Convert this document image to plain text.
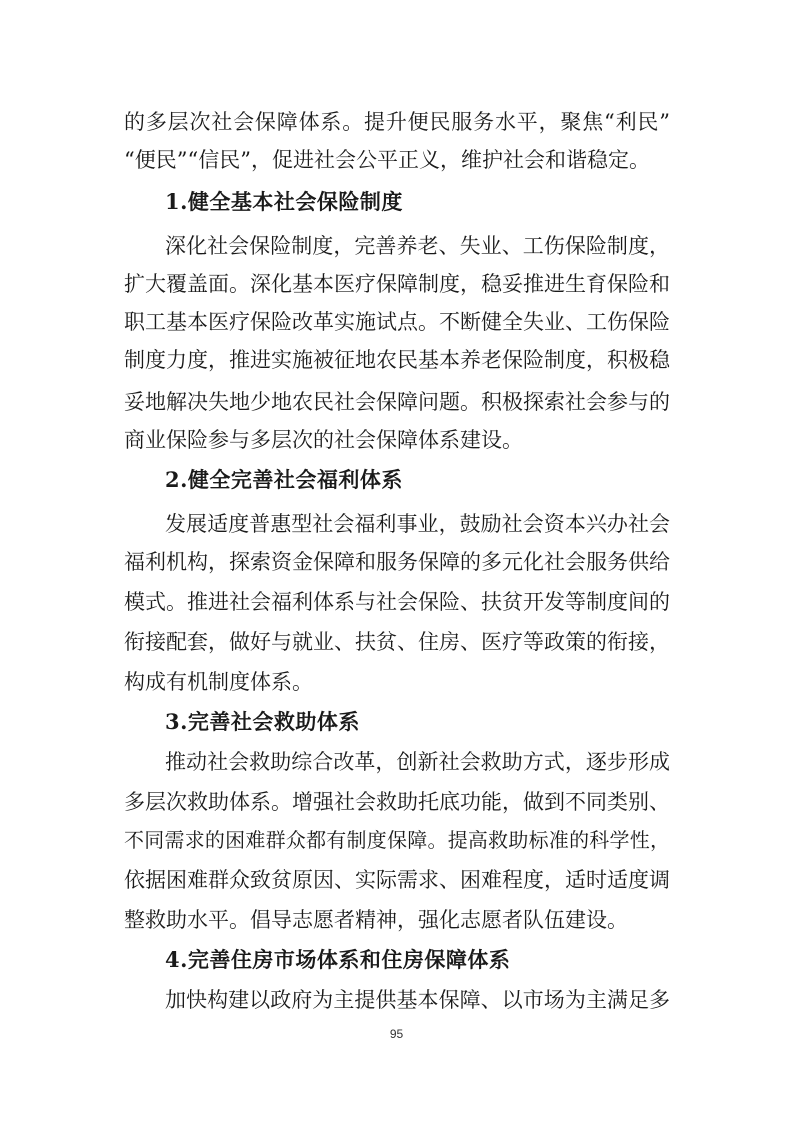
的多层次社会保障体系。提升便民服务水平，聚焦“利民”
“便民”“信民”，促进社会公平正义，维护社会和谐稳定。
1.健全基本社会保险制度
深化社会保险制度，完善养老、失业、工伤保险制度，
扩大覆盖面。深化基本医疗保障制度，稳妥推进生育保险和
职工基本医疗保险改革实施试点。不断健全失业、工伤保险
制度力度，推进实施被征地农民基本养老保险制度，积极稳
妥地解决失地少地农民社会保障问题。积极探索社会参与的
商业保险参与多层次的社会保障体系建设。
2.健全完善社会福利体系
发展适度普惠型社会福利事业，鼓励社会资本兴办社会
福利机构，探索资金保障和服务保障的多元化社会服务供给
模式。推进社会福利体系与社会保险、扶贫开发等制度间的
衔接配套，做好与就业、扶贫、住房、医疗等政策的衔接，
构成有机制度体系。
3.完善社会救助体系
推动社会救助综合改革，创新社会救助方式，逐步形成
多层次救助体系。增强社会救助托底功能，做到不同类别、
不同需求的困难群众都有制度保障。提高救助标准的科学性，
依据困难群众致贫原因、实际需求、困难程度，适时适度调
整救助水平。倡导志愿者精神，强化志愿者队伍建设。
4.完善住房市场体系和住房保障体系
加快构建以政府为主提供基本保障、以市场为主满足多
95
